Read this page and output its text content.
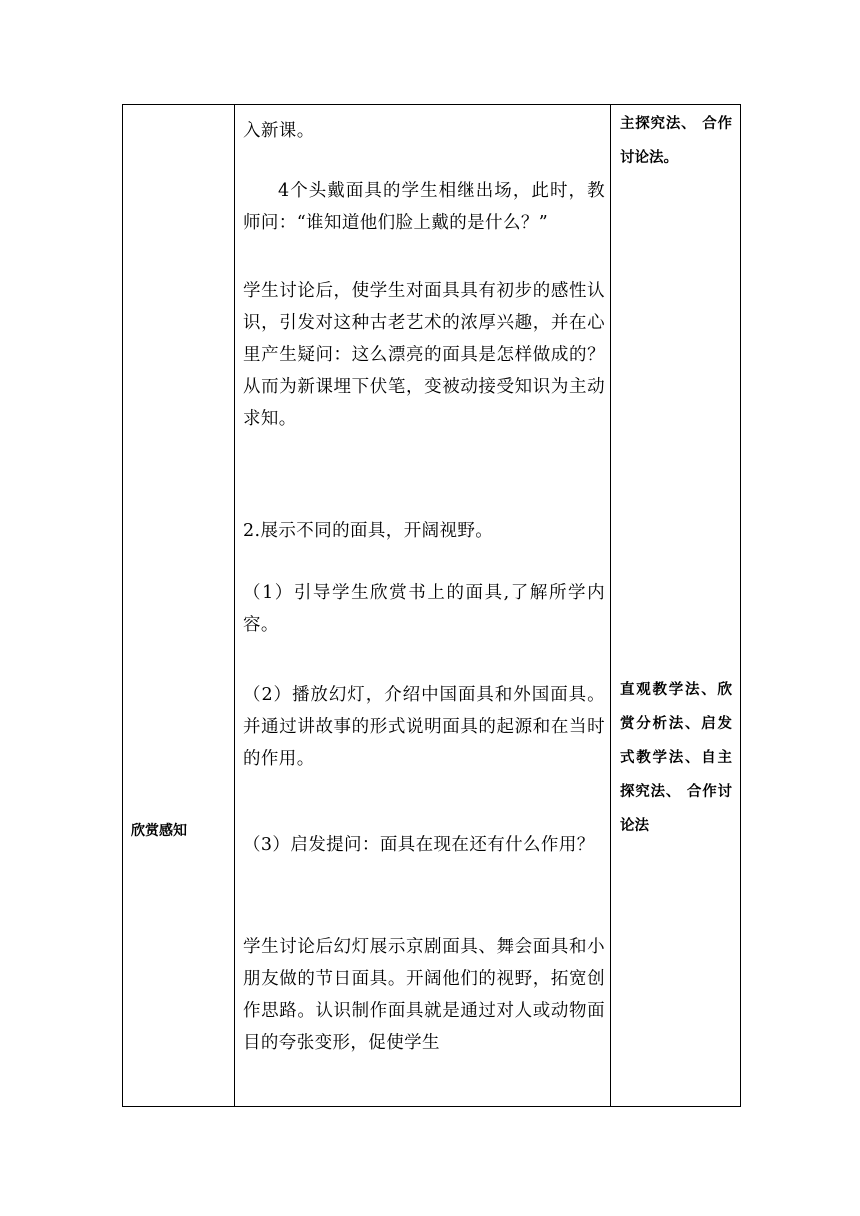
欣赏感知

入新课。

4个头戴面具的学生相继出场，此时，教师问：“谁知道他们脸上戴的是什么？”

学生讨论后，使学生对面具具有初步的感性认识，引发对这种古老艺术的浓厚兴趣，并在心里产生疑问：这么漂亮的面具是怎样做成的？从而为新课埋下伏笔，变被动接受知识为主动求知。

2.展示不同的面具，开阔视野。

（1）引导学生欣赏书上的面具,了解所学内容。

（2）播放幻灯，介绍中国面具和外国面具。并通过讲故事的形式说明面具的起源和在当时的作用。

（3）启发提问：面具在现在还有什么作用？

学生讨论后幻灯展示京剧面具、舞会面具和小朋友做的节日面具。开阔他们的视野，拓宽创作思路。认识制作面具就是通过对人或动物面目的夸张变形，促使学生

主探究法、 合作讨论法。

直观教学法、欣赏分析法、启发式教学法、自主探究法、 合作讨论法
